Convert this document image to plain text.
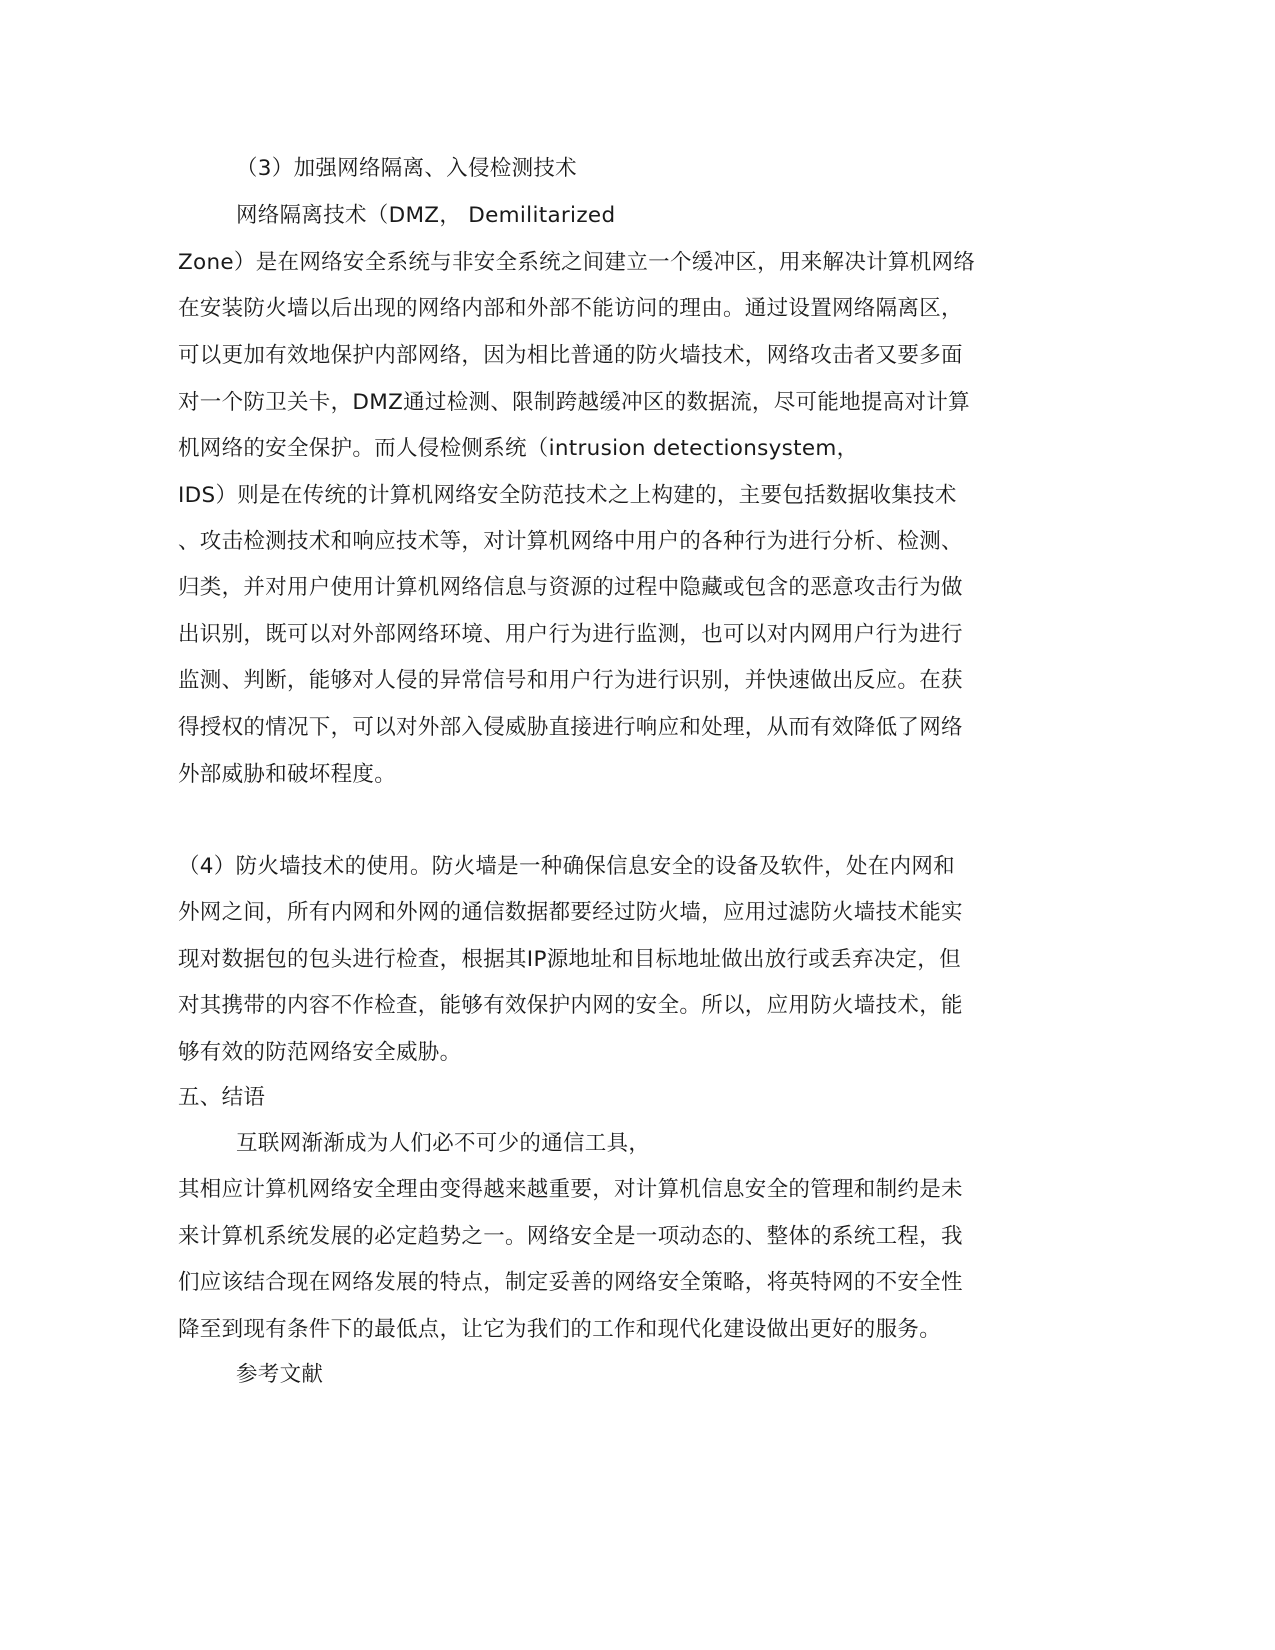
（3）加强网络隔离、入侵检测技术
网络隔离技术（DMZ， Demilitarized
Zone）是在网络安全系统与非安全系统之间建立一个缓冲区，用来解决计算机网络
在安装防火墙以后出现的网络内部和外部不能访问的理由。通过设置网络隔离区，
可以更加有效地保护内部网络，因为相比普通的防火墙技术，网络攻击者又要多面
对一个防卫关卡，DMZ通过检测、限制跨越缓冲区的数据流，尽可能地提高对计算
机网络的安全保护。而人侵检侧系统（intrusion detectionsystem，
IDS）则是在传统的计算机网络安全防范技术之上构建的，主要包括数据收集技术
、攻击检测技术和响应技术等，对计算机网络中用户的各种行为进行分析、检测、
归类，并对用户使用计算机网络信息与资源的过程中隐藏或包含的恶意攻击行为做
出识别，既可以对外部网络环境、用户行为进行监测，也可以对内网用户行为进行
监测、判断，能够对人侵的异常信号和用户行为进行识别，并快速做出反应。在获
得授权的情况下，可以对外部入侵威胁直接进行响应和处理，从而有效降低了网络
外部威胁和破坏程度。
（4）防火墙技术的使用。防火墙是一种确保信息安全的设备及软件，处在内网和
外网之间，所有内网和外网的通信数据都要经过防火墙，应用过滤防火墙技术能实
现对数据包的包头进行检查，根据其IP源地址和目标地址做出放行或丢弃决定，但
对其携带的内容不作检查，能够有效保护内网的安全。所以，应用防火墙技术，能
够有效的防范网络安全威胁。
五、结语
互联网渐渐成为人们必不可少的通信工具，
其相应计算机网络安全理由变得越来越重要，对计算机信息安全的管理和制约是未
来计算机系统发展的必定趋势之一。网络安全是一项动态的、整体的系统工程，我
们应该结合现在网络发展的特点，制定妥善的网络安全策略，将英特网的不安全性
降至到现有条件下的最低点，让它为我们的工作和现代化建设做出更好的服务。
参考文献
